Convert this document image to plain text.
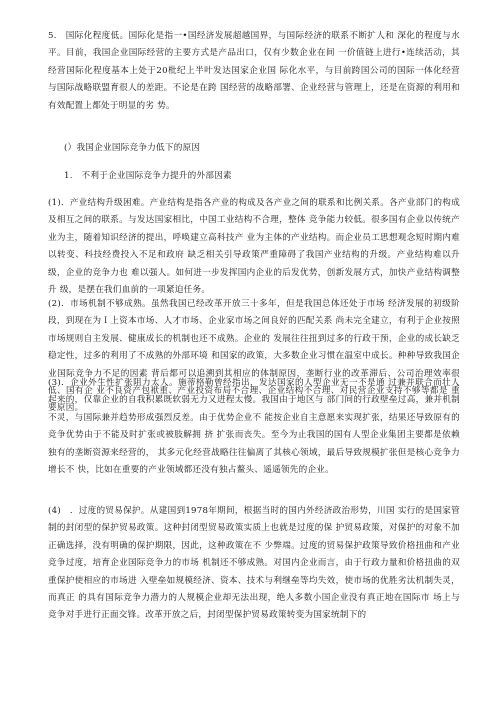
5.　国际化程度低。国际化是指一•国经济发展超越国界，与国际经济的联系不断扩人和 深化的程度与水平。目前，我国企业国际经营的主要方式是产品出口，仅有少数企业在间 一价值链上进行•连续活动，其经营国际化程度基本上处于20枇纪上半叶发达国家企业国 际化水平，与目前跨国公司的国际一体化经营与国际战略联盟育很人的差距。不论是在跨 国经营的战略部署、企业经营与管理上，还是在资源的利用和有效配置上都处于明显的劣 势。

(）我国企业国际竞争力低下的原因

1.　不利于企业国际竞争力提升的外部因素

(1)．产业结构升级困难。产业结构是指各产业的构成及各产业之间的联系和比例关系。各产业部门的构成及相互之间的联系。与发达国家相比，中国工业结构不合理，整体 竞争能力较低。很多国有企业以传统产业为主，随着知识经济的提出，呼唤建立高科技产 业为主体的产业结构。而企业员工思想观念短时期内难以转变、科技经费投入不足和政府 缺乏相关引导政策严重障碍了我国产业结构的升级。产业结构难以升级，企业的竞争力也 难以强人。如何进一步发挥国内企业的后发优势，创新发展方式，加快产业结构调整升 级，是摆在我们血前的一项紧迫任务。

(2)．市场机制不够成熟。虽然我国已经改革开放三十多年，但是我国总体还处于市场 经济发展的初级阶段，到现在为Ｉ上资本市场、人才市场、企业家市场之间良好的匹配关系 尚未完全建立，有利于企业按照市场规则自主发展、健康成长的机制也还不成熟。企业的 发展往往扭到过多的行政干预，企业的成长缺乏稳定性，过多的利用了不成熟的外部环境 和国家的政策，大多数企业习惯在温室中成长。种种导致我国企业国际竞争力不足的因素 背后都可以追溯到其相应的体制原因，垄断行业的改革滞后、公司治理效率很低、国有企 业不良资产包袱重、产业投资布局不合理、企业结构不合理、对民营企业支持不够等都是 重要原因。

(3)．企业外生性扩张阻力太人。施蒂格勒曾经指出，发达国家的人型企业无一不是通 过兼并联合而壮人起来的，仅靠企业的自我积累既软弱无力又进程太慢。我国由于地区与 部门间的行政壁垒过高，兼并机制不灵，与国际兼并趋势形成强烈反差。由于优势企业不 能按企业自主意愿来实现扩张，结果还导致原有的竞争优势由于不能及时扩张或被肢解拥 挤 扩张而丧失。至今为止我国的国有人型企业集团主要都是依赖独有的垄断资源来经营的， 其多元化经营战略往往偏离了其核心领域，最后导致规模扩张但是核心竞争力增长不 快，比如在重要的产业领域都还没有独占鳌头、遥遥领先的企业。

(4)　．过度的贸易保护。从建国到1978年期间，根据当时的国内外经济政治形势，川国 实行的是国家管制的封闭型的保护贸易政策。这种封闭型贸易政策实质上也就是过度的保 护贸易政策，对保护的对象不加正确选择，没有明确的保护期限，因此，这种政策在不 少弊端。过度的贸易保护政策导致价格扭曲和产业竞争过度，培育企业国际竞争力的市场 机制还不够成熟。对国内企业而言，由于行政力量和价格扭曲的双重保护使相应的市场进 入壁垒如规模经济、资本、技术与利继垒等均失效，使市场的优胜劣汰机制失灵，而真正 的具有国际竞争力潜力的人规模企业却无法出现，绝人多数小国企业没有真正地在国际市 场上与竞争对手进行正面交锋。改革开放之后，封闭型保护贸易政策转变为国家统制下的
